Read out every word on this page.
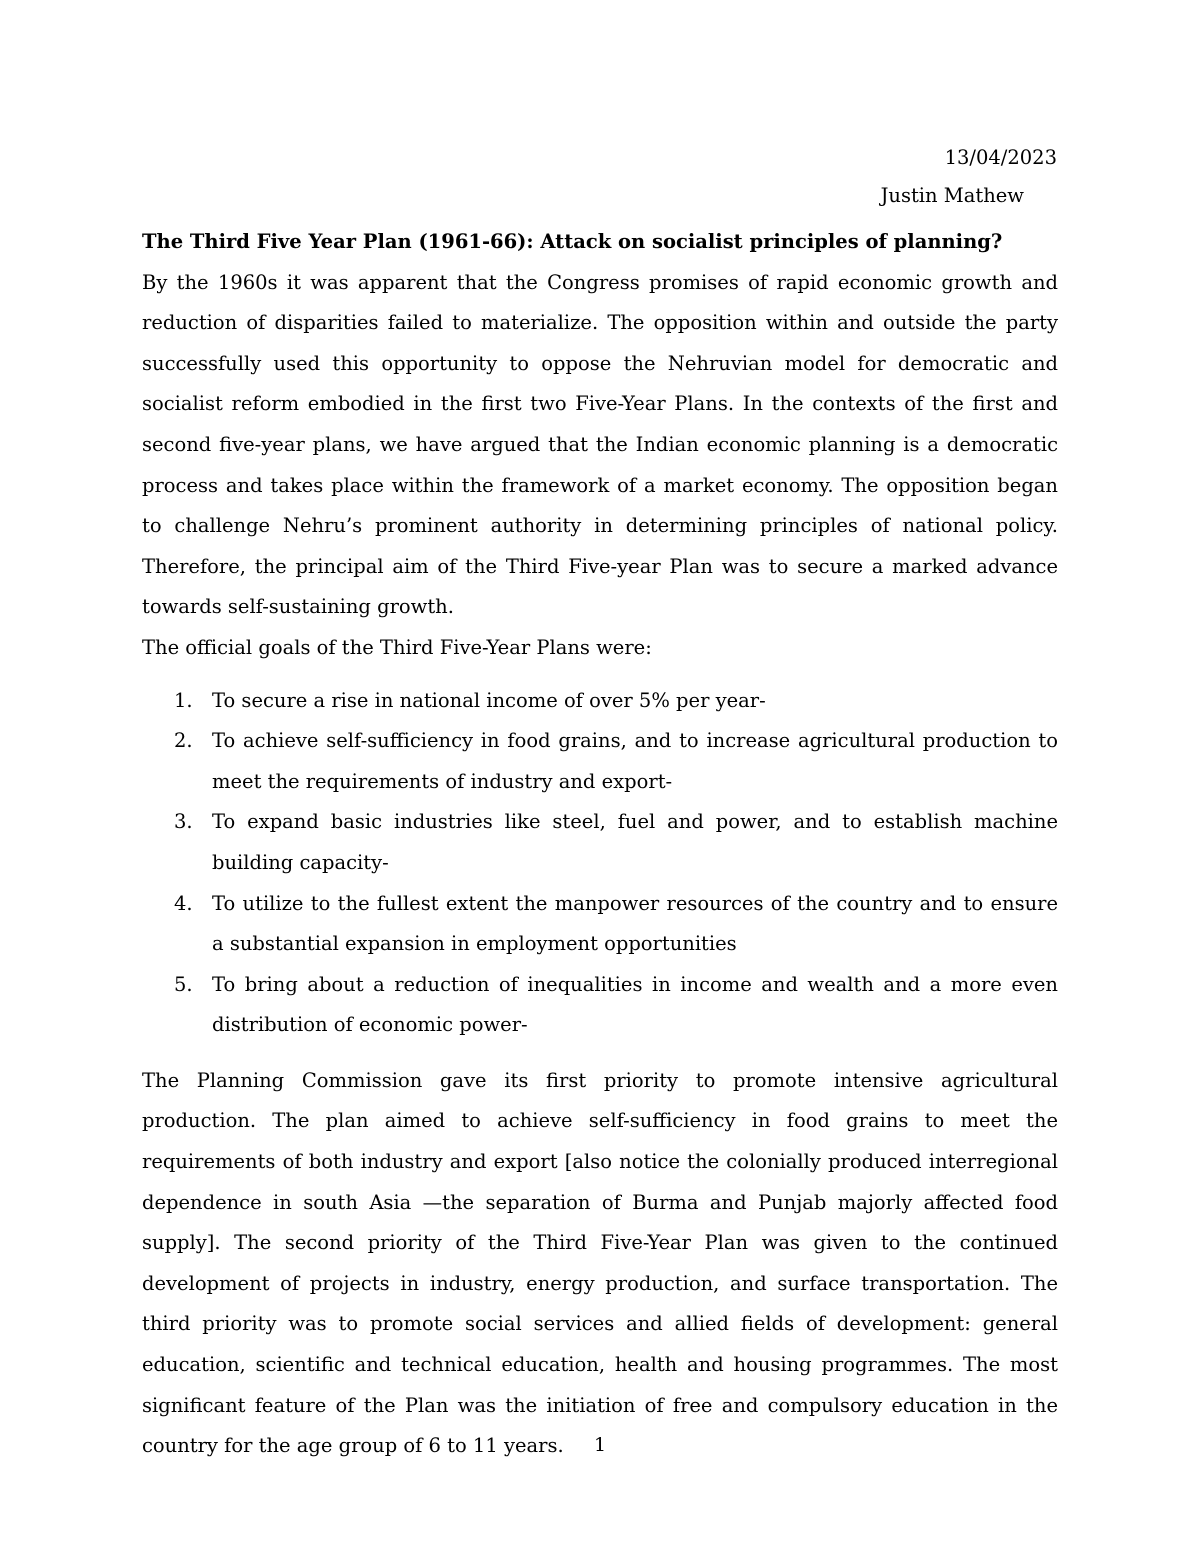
13/04/2023
Justin Mathew

The Third Five Year Plan (1961-66): Attack on socialist principles of planning?

By the 1960s it was apparent that the Congress promises of rapid economic growth and reduction of disparities failed to materialize. The opposition within and outside the party successfully used this opportunity to oppose the Nehruvian model for democratic and socialist reform embodied in the first two Five-Year Plans. In the contexts of the first and second five-year plans, we have argued that the Indian economic planning is a democratic process and takes place within the framework of a market economy. The opposition began to challenge Nehru’s prominent authority in determining principles of national policy. Therefore, the principal aim of the Third Five-year Plan was to secure a marked advance towards self-sustaining growth.

The official goals of the Third Five-Year Plans were:

1. To secure a rise in national income of over 5% per year-
2. To achieve self-sufficiency in food grains, and to increase agricultural production to meet the requirements of industry and export-
3. To expand basic industries like steel, fuel and power, and to establish machine building capacity-
4. To utilize to the fullest extent the manpower resources of the country and to ensure a substantial expansion in employment opportunities
5. To bring about a reduction of inequalities in income and wealth and a more even distribution of economic power-

The Planning Commission gave its first priority to promote intensive agricultural production. The plan aimed to achieve self-sufficiency in food grains to meet the requirements of both industry and export [also notice the colonially produced interregional dependence in south Asia —the separation of Burma and Punjab majorly affected food supply]. The second priority of the Third Five-Year Plan was given to the continued development of projects in industry, energy production, and surface transportation. The third priority was to promote social services and allied fields of development: general education, scientific and technical education, health and housing programmes. The most significant feature of the Plan was the initiation of free and compulsory education in the country for the age group of 6 to 11 years.	1
